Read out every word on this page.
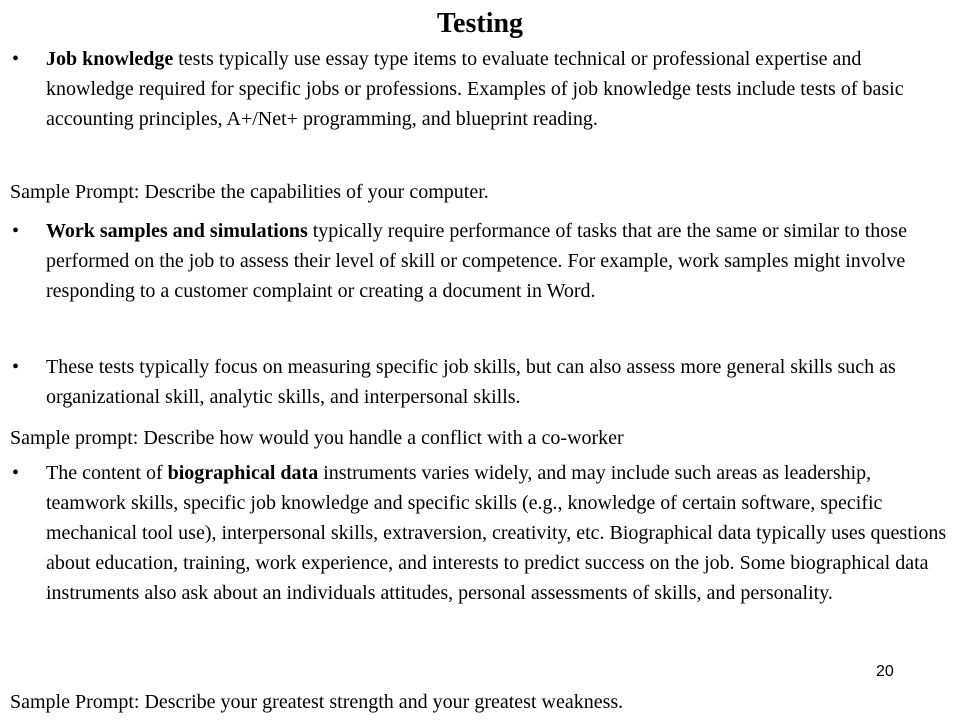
Testing
•	Job knowledge tests typically use essay type items to evaluate technical or professional expertise and knowledge required for specific jobs or professions. Examples of job knowledge tests include tests of basic accounting principles, A+/Net+ programming, and blueprint reading.
Sample Prompt: Describe the capabilities of your computer.
•	Work samples and simulations typically require performance of tasks that are the same or similar to those performed on the job to assess their level of skill or competence. For example, work samples might involve responding to a customer complaint or creating a document in Word.
•	These tests typically focus on measuring specific job skills, but can also assess more general skills such as organizational skill, analytic skills, and interpersonal skills.
Sample prompt: Describe how would you handle a conflict with a co-worker
•	The content of biographical data instruments varies widely, and may include such areas as leadership, teamwork skills, specific job knowledge and specific skills (e.g., knowledge of certain software, specific mechanical tool use), interpersonal skills, extraversion, creativity, etc. Biographical data typically uses questions about education, training, work experience, and interests to predict success on the job. Some biographical data instruments also ask about an individuals attitudes, personal assessments of skills, and personality.
Sample Prompt: Describe your greatest strength and your greatest weakness.
20
